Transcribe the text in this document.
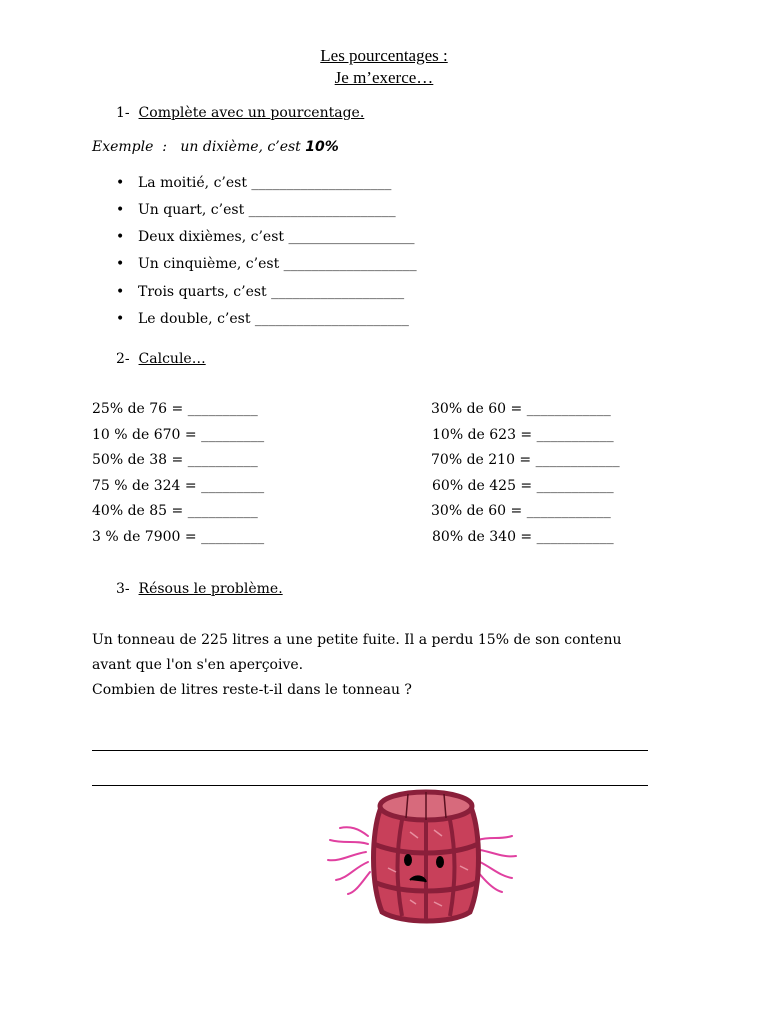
Les pourcentages :
Je m’exerce…
1- Complète avec un pourcentage.
Exemple  :   un dixième, c’est 10%
• La moitié, c’est ____________________
• Un quart, c’est _____________________
• Deux dixièmes, c’est __________________
• Un cinquième, c’est ___________________
• Trois quarts, c’est ___________________
• Le double, c’est ______________________
2- Calcule…
25% de 76 = __________
10 % de 670 = _________
50% de 38 = __________
75 % de 324 = _________
40% de 85 = __________
3 % de 7900 = _________
30% de 60 = ____________
10% de 623 = ___________
70% de 210 = ____________
60% de 425 = ___________
30% de 60 = ____________
80% de 340 = ___________
3- Résous le problème.
Un tonneau de 225 litres a une petite fuite. Il a perdu 15% de son contenu
avant que l'on s'en aperçoive.
Combien de litres reste-t-il dans le tonneau ?
